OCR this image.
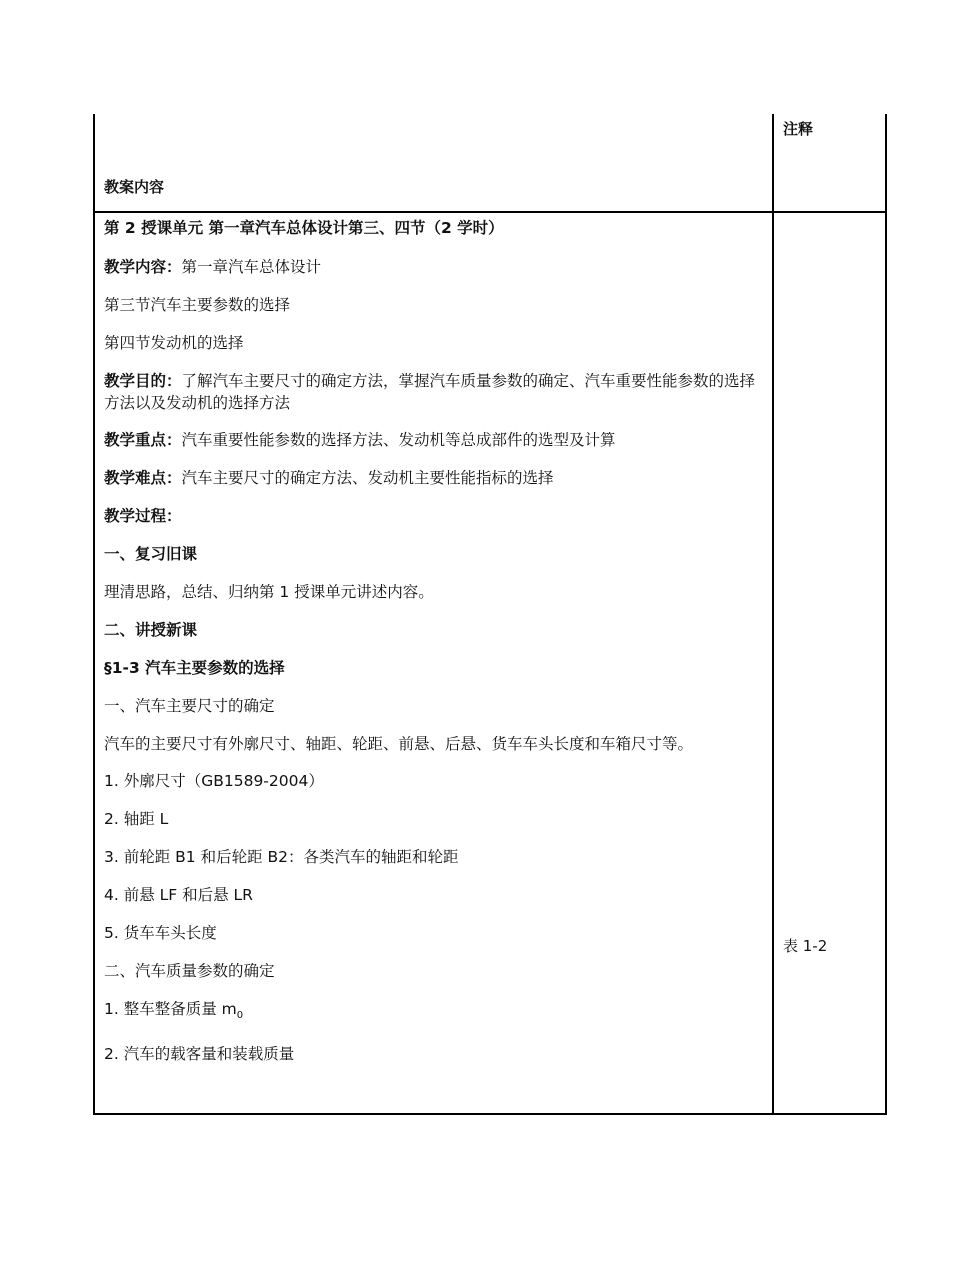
教案内容
注释

第 2 授课单元 第一章汽车总体设计第三、四节（2 学时）

教学内容：第一章汽车总体设计

第三节汽车主要参数的选择

第四节发动机的选择

教学目的：了解汽车主要尺寸的确定方法，掌握汽车质量参数的确定、汽车重要性能参数的选择方法以及发动机的选择方法

教学重点：汽车重要性能参数的选择方法、发动机等总成部件的选型及计算

教学难点：汽车主要尺寸的确定方法、发动机主要性能指标的选择

教学过程：

一、复习旧课

理清思路，总结、归纳第 1 授课单元讲述内容。

二、讲授新课

§1-3 汽车主要参数的选择

一、汽车主要尺寸的确定

汽车的主要尺寸有外廓尺寸、轴距、轮距、前悬、后悬、货车车头长度和车箱尺寸等。

1. 外廓尺寸（GB1589-2004）

2. 轴距 L

3. 前轮距 B1 和后轮距 B2：各类汽车的轴距和轮距

4. 前悬 LF 和后悬 LR

5. 货车车头长度

二、汽车质量参数的确定

1. 整车整备质量 $m_0$

2. 汽车的载客量和装载质量

表 1-2
